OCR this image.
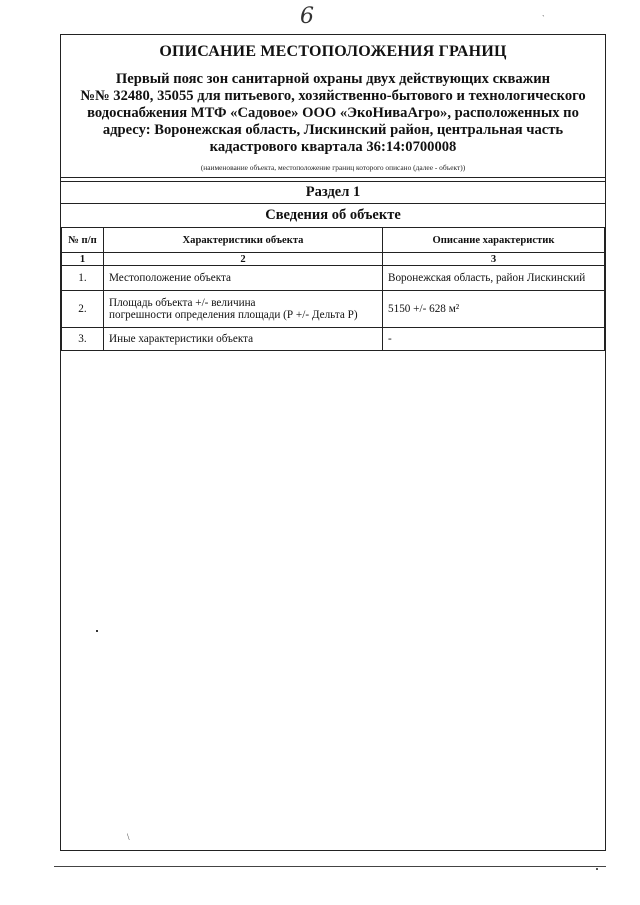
6	`
ОПИСАНИЕ МЕСТОПОЛОЖЕНИЯ ГРАНИЦ
Первый пояс зон санитарной охраны двух действующих скважин
№№ 32480, 35055 для питьевого, хозяйственно-бытового и технологического
водоснабжения МТФ «Садовое» ООО «ЭкоНиваАгро», расположенных по
адресу: Воронежская область, Лискинский район, центральная часть
кадастрового квартала 36:14:0700008
(наименование объекта, местоположение границ которого описано (далее - объект))
Раздел 1
Сведения об объекте
№ п/п	Характеристики объекта	Описание характеристик
1	2	3
1.	Местоположение объекта	Воронежская область, район Лискинский
2.	Площадь объекта +/- величина
погрешности определения площади (Р +/- Дельта Р)	5150 +/- 628 м²
3.	Иные характеристики объекта	-
\
